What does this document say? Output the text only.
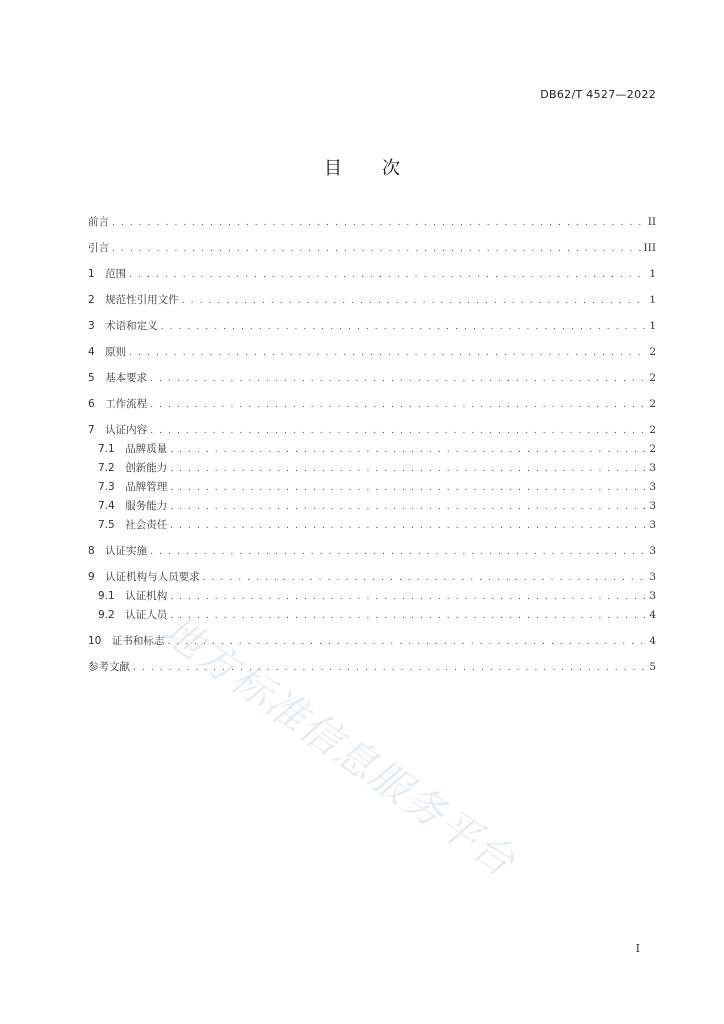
DB62/T 4527—2022
目 次
前言 . . .	II
引言 . . .	III
1　范围 . . .	1
2　规范性引用文件 . . .	1
3　术语和定义 . . .	1
4　原则 . . .	2
5　基本要求 . . .	2
6　工作流程 . . .	2
7　认证内容 . . .	2
7.1　品牌质量 . . .	2
7.2　创新能力 . . .	3
7.3　品牌管理 . . .	3
7.4　服务能力 . . .	3
7.5　社会责任 . . .	3
8　认证实施 . . .	3
9　认证机构与人员要求 . . .	3
9.1　认证机构 . . .	3
9.2　认证人员 . . .	4
10　证书和标志 . . .	4
参考文献 . . .	5
地方标准信息服务平台
I
